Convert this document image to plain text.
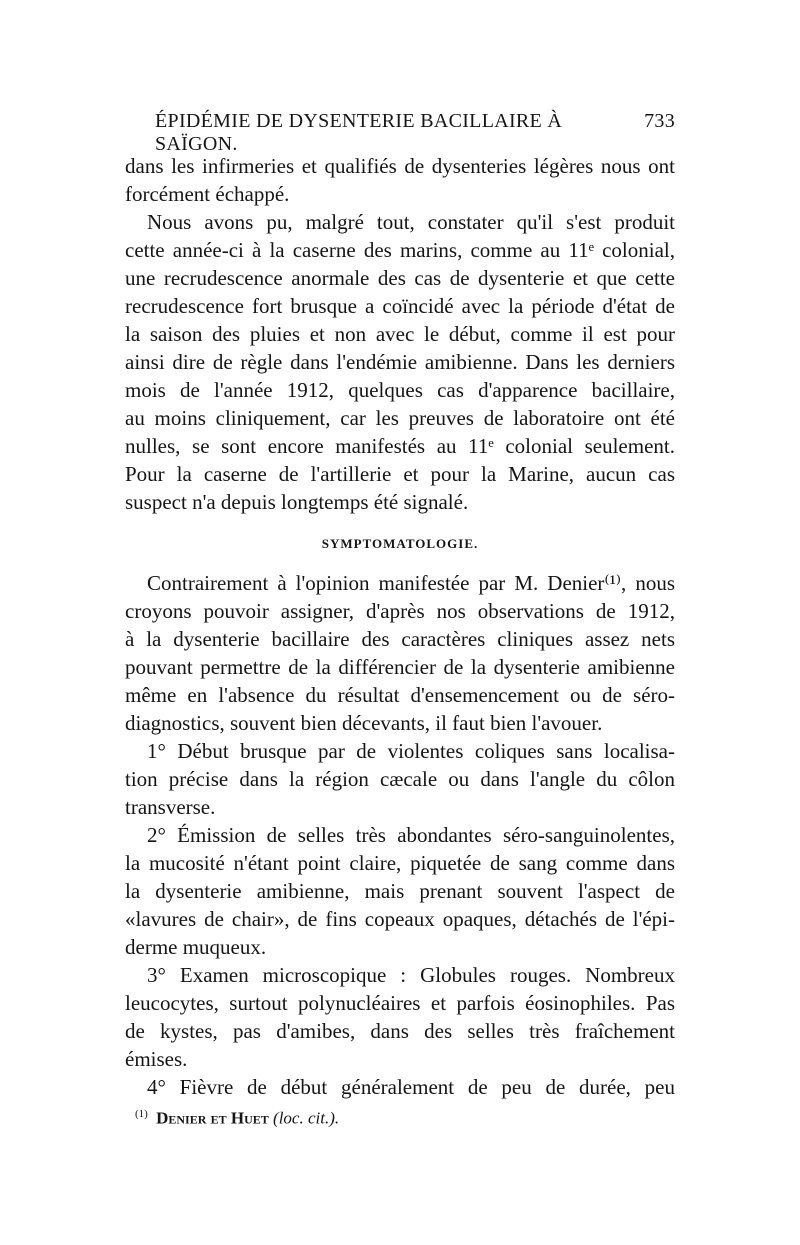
ÉPIDÉMIE DE DYSENTERIE BACILLAIRE À SAÏGON.
733
dans les infirmeries et qualifiés de dysenteries légères nous ont
forcément échappé.
Nous avons pu, malgré tout, constater qu'il s'est produit
cette année-ci à la caserne des marins, comme au 11ᵉ colonial,
une recrudescence anormale des cas de dysenterie et que cette
recrudescence fort brusque a coïncidé avec la période d'état de
la saison des pluies et non avec le début, comme il est pour
ainsi dire de règle dans l'endémie amibienne. Dans les derniers
mois de l'année 1912, quelques cas d'apparence bacillaire,
au moins cliniquement, car les preuves de laboratoire ont été
nulles, se sont encore manifestés au 11ᵉ colonial seulement.
Pour la caserne de l'artillerie et pour la Marine, aucun cas
suspect n'a depuis longtemps été signalé.
SYMPTOMATOLOGIE.
Contrairement à l'opinion manifestée par M. Denier⁽¹⁾, nous
croyons pouvoir assigner, d'après nos observations de 1912,
à la dysenterie bacillaire des caractères cliniques assez nets
pouvant permettre de la différencier de la dysenterie amibienne
même en l'absence du résultat d'ensemencement ou de séro-
diagnostics, souvent bien décevants, il faut bien l'avouer.
1° Début brusque par de violentes coliques sans localisa-
tion précise dans la région cæcale ou dans l'angle du côlon
transverse.
2° Émission de selles très abondantes séro-sanguinolentes,
la mucosité n'étant point claire, piquetée de sang comme dans
la dysenterie amibienne, mais prenant souvent l'aspect de
«lavures de chair», de fins copeaux opaques, détachés de l'épi-
derme muqueux.
3° Examen microscopique : Globules rouges. Nombreux
leucocytes, surtout polynucléaires et parfois éosinophiles. Pas
de kystes, pas d'amibes, dans des selles très fraîchement
émises.
4° Fièvre de début généralement de peu de durée, peu
$^{(1)}$ Denier et Huet (loc. cit.).
